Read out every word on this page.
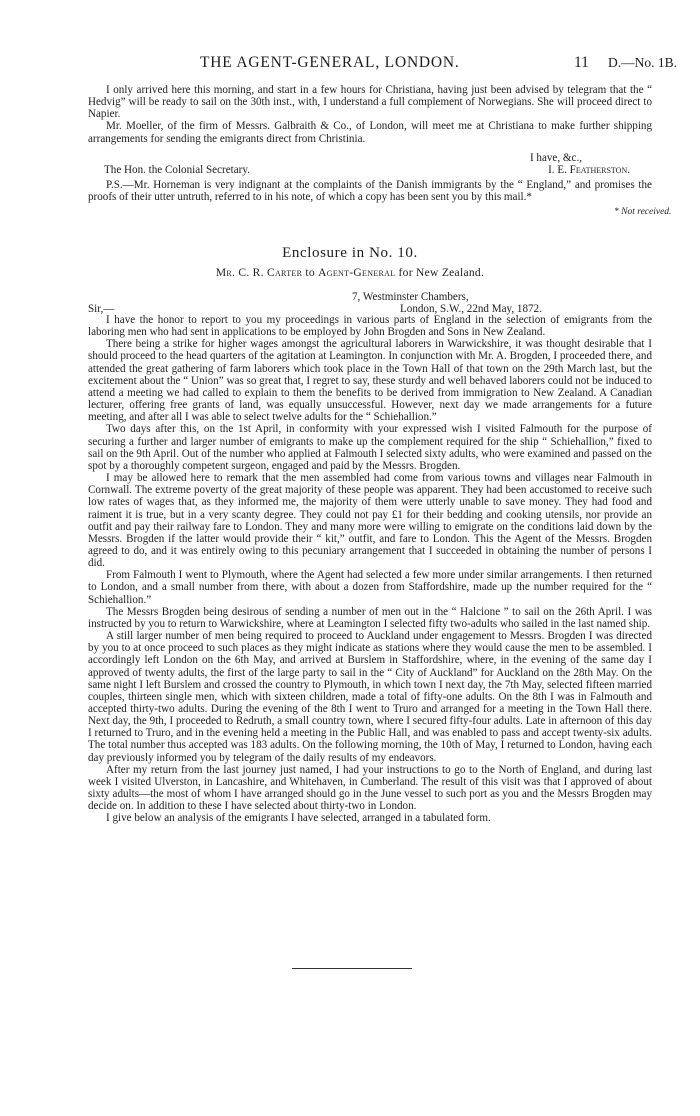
THE AGENT-GENERAL, LONDON.	11 D.—No. 1B.

I only arrived here this morning, and start in a few hours for Christiana, having just been advised by telegram that the “ Hedvig” will be ready to sail on the 30th inst., with, I understand a full complement of Norwegians. She will proceed direct to Napier.

Mr. Moeller, of the firm of Messrs. Galbraith & Co., of London, will meet me at Christiana to make further shipping arrangements for sending the emigrants direct from Christinia.

I have, &c.,
The Hon. the Colonial Secretary.	I. E. Featherston.

P.S.—Mr. Horneman is very indignant at the complaints of the Danish immigrants by the “ England,” and promises the proofs of their utter untruth, referred to in his note, of which a copy has been sent you by this mail.*

* Not received.
Enclosure in No. 10.
Mr. C. R. Carter to Agent-General for New Zealand.
7, Westminster Chambers,
London, S.W., 22nd May, 1872.
Sir,—

I have the honor to report to you my proceedings in various parts of England in the selection of emigrants from the laboring men who had sent in applications to be employed by John Brogden and Sons in New Zealand.

There being a strike for higher wages amongst the agricultural laborers in Warwickshire, it was thought desirable that I should proceed to the head quarters of the agitation at Leamington. In conjunction with Mr. A. Brogden, I proceeded there, and attended the great gathering of farm laborers which took place in the Town Hall of that town on the 29th March last, but the excitement about the “ Union” was so great that, I regret to say, these sturdy and well behaved laborers could not be induced to attend a meeting we had called to explain to them the benefits to be derived from immigration to New Zealand. A Canadian lecturer, offering free grants of land, was equally unsuccessful. However, next day we made arrangements for a future meeting, and after all I was able to select twelve adults for the “ Schiehallion.”

Two days after this, on the 1st April, in conformity with your expressed wish I visited Falmouth for the purpose of securing a further and larger number of emigrants to make up the complement required for the ship “ Schiehallion,” fixed to sail on the 9th April. Out of the number who applied at Falmouth I selected sixty adults, who were examined and passed on the spot by a thoroughly competent surgeon, engaged and paid by the Messrs. Brogden.

I may be allowed here to remark that the men assembled had come from various towns and villages near Falmouth in Cornwall. The extreme poverty of the great majority of these people was apparent. They had been accustomed to receive such low rates of wages that, as they informed me, the majority of them were utterly unable to save money. They had food and raiment it is true, but in a very scanty degree. They could not pay £1 for their bedding and cooking utensils, nor provide an outfit and pay their railway fare to London. They and many more were willing to emigrate on the conditions laid down by the Messrs. Brogden if the latter would provide their “ kit,” outfit, and fare to London. This the Agent of the Messrs. Brogden agreed to do, and it was entirely owing to this pecuniary arrangement that I succeeded in obtaining the number of persons I did.

From Falmouth I went to Plymouth, where the Agent had selected a few more under similar arrangements. I then returned to London, and a small number from there, with about a dozen from Staffordshire, made up the number required for the “ Schiehallion.”

The Messrs Brogden being desirous of sending a number of men out in the “ Halcione ” to sail on the 26th April. I was instructed by you to return to Warwickshire, where at Leamington I selected fifty two-adults who sailed in the last named ship.

A still larger number of men being required to proceed to Auckland under engagement to Messrs. Brogden I was directed by you to at once proceed to such places as they might indicate as stations where they would cause the men to be assembled. I accordingly left London on the 6th May, and arrived at Burslem in Staffordshire, where, in the evening of the same day I approved of twenty adults, the first of the large party to sail in the “ City of Auckland” for Auckland on the 28th May. On the same night I left Burslem and crossed the country to Plymouth, in which town I next day, the 7th May, selected fifteen married couples, thirteen single men, which with sixteen children, made a total of fifty-one adults. On the 8th I was in Falmouth and accepted thirty-two adults. During the evening of the 8th I went to Truro and arranged for a meeting in the Town Hall there. Next day, the 9th, I proceeded to Redruth, a small country town, where I secured fifty-four adults. Late in afternoon of this day I returned to Truro, and in the evening held a meeting in the Public Hall, and was enabled to pass and accept twenty-six adults. The total number thus accepted was 183 adults. On the following morning, the 10th of May, I returned to London, having each day previously informed you by telegram of the daily results of my endeavors.

After my return from the last journey just named, I had your instructions to go to the North of England, and during last week I visited Ulverston, in Lancashire, and Whitehaven, in Cumberland. The result of this visit was that I approved of about sixty adults—the most of whom I have arranged should go in the June vessel to such port as you and the Messrs Brogden may decide on. In addition to these I have selected about thirty-two in London.

I give below an analysis of the emigrants I have selected, arranged in a tabulated form.
